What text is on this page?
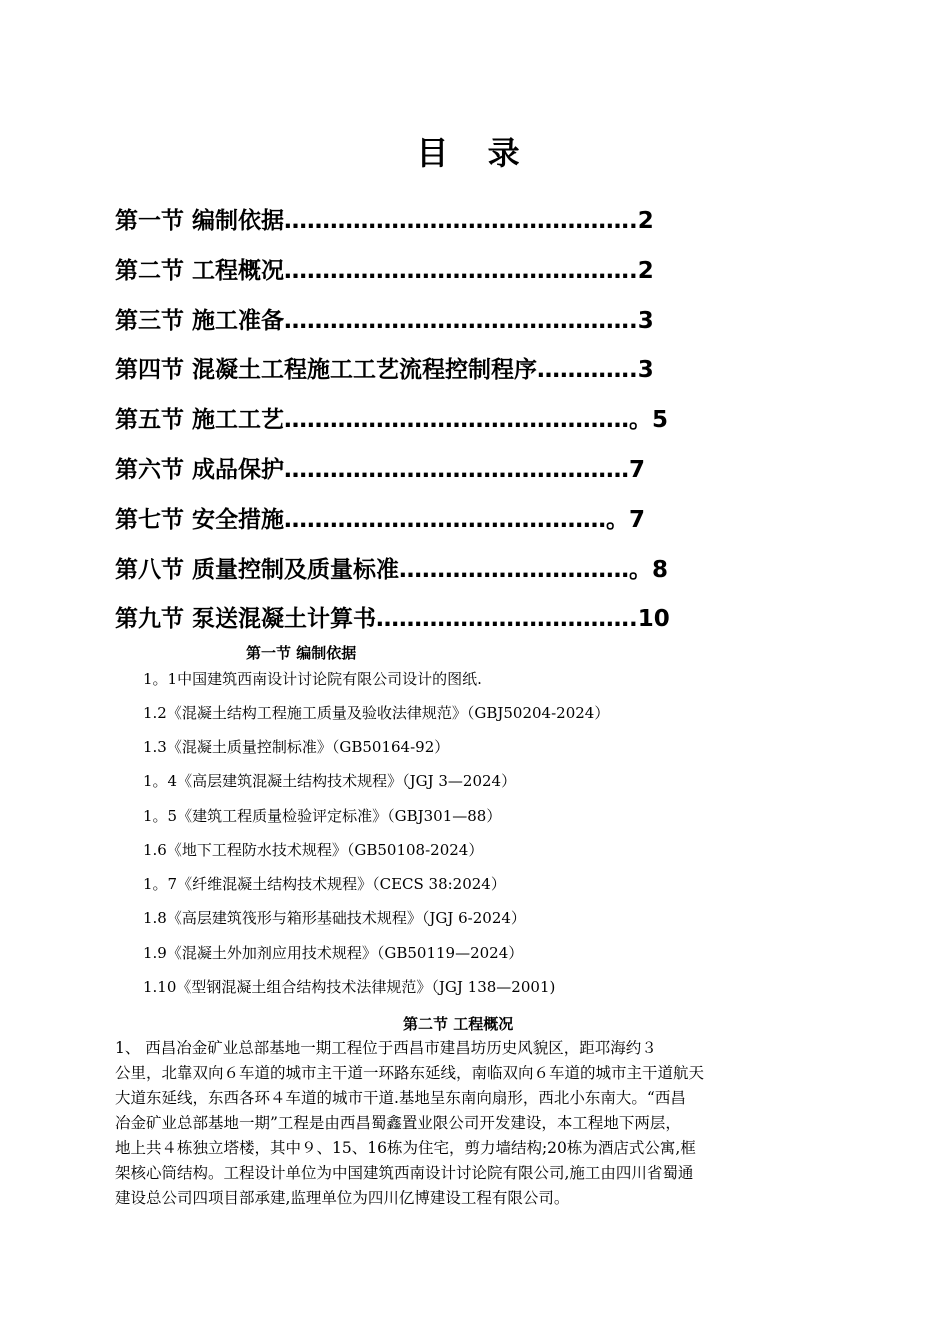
目 录
第一节 编制依据……………………………………….2
第二节 工程概况……………………………………….2
第三节 施工准备……………………………………….3
第四节 混凝土工程施工工艺流程控制程序………….3
第五节 施工工艺………………………………………。5
第六节 成品保护………………………………………7
第七节 安全措施……………………………………。7
第八节 质量控制及质量标准…………………………。8
第九节 泵送混凝土计算书…………………………….10
第一节 编制依据
1。1中国建筑西南设计讨论院有限公司设计的图纸.
1.2《混凝土结构工程施工质量及验收法律规范》（GBJ50204-2024）
1.3《混凝土质量控制标准》（GB50164-92）
1。4《高层建筑混凝土结构技术规程》（JGJ 3—2024）
1。5《建筑工程质量检验评定标准》（GBJ301—88）
1.6《地下工程防水技术规程》（GB50108-2024）
1。7《纤维混凝土结构技术规程》（CECS 38:2024）
1.8《高层建筑筏形与箱形基础技术规程》（JGJ 6-2024）
1.9《混凝土外加剂应用技术规程》（GB50119—2024）
1.10《型钢混凝土组合结构技术法律规范》（JGJ 138—2001)
第二节 工程概况
1、 西昌冶金矿业总部基地一期工程位于西昌市建昌坊历史风貌区，距邛海约３
公里，北靠双向６车道的城市主干道一环路东延线，南临双向６车道的城市主干道航天
大道东延线，东西各环４车道的城市干道.基地呈东南向扇形，西北小东南大。“西昌
冶金矿业总部基地一期”工程是由西昌蜀鑫置业限公司开发建设，本工程地下两层，
地上共４栋独立塔楼，其中９、15、16栋为住宅，剪力墙结构;20栋为酒店式公寓,框
架核心筒结构。工程设计单位为中国建筑西南设计讨论院有限公司,施工由四川省蜀通
建设总公司四项目部承建,监理单位为四川亿博建设工程有限公司。
